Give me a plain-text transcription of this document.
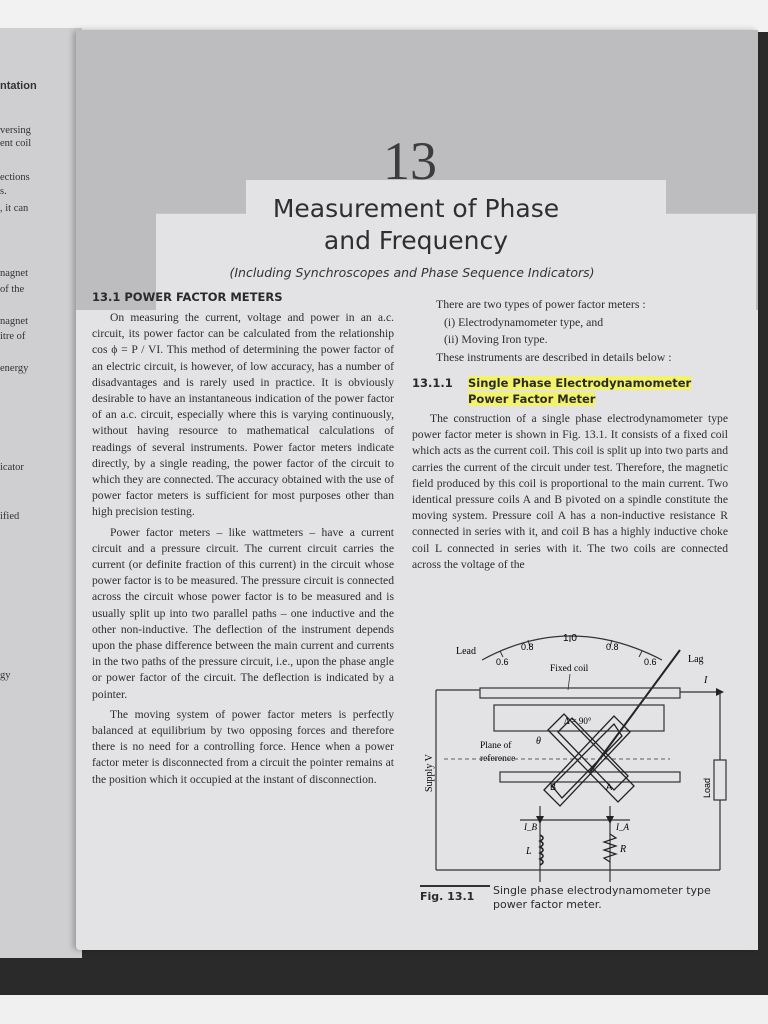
ntation
versing
ent coil
ections
s.
, it can
nagnet
of the
nagnet
itre of
energy
icator
ified
gy
13
Measurement of Phase
and Frequency
(Including Synchroscopes and Phase Sequence Indicators)
13.1 POWER FACTOR METERS

On measuring the current, voltage and power in an a.c. circuit, its power factor can be calculated from the relationship cos ϕ = P / VI. This method of determining the power factor of an electric circuit, is however, of low accuracy, has a number of disadvantages and is rarely used in practice. It is obviously desirable to have an instantaneous indication of the power factor of an a.c. circuit, especially where this is varying continuously, without having resource to mathematical calculations of readings of several instruments. Power factor meters indicate directly, by a single reading, the power factor of the circuit to which they are connected. The accuracy obtained with the use of power factor meters is sufficient for most purposes other than high precision testing.

Power factor meters – like wattmeters – have a current circuit and a pressure circuit. The current circuit carries the current (or definite fraction of this current) in the circuit whose power factor is to be measured. The pressure circuit is connected across the circuit whose power factor is to be measured and is usually split up into two parallel paths – one inductive and the other non-inductive. The deflection of the instrument depends upon the phase difference between the main current and currents in the two paths of the pressure circuit, i.e., upon the phase angle or power factor of the circuit. The deflection is indicated by a pointer.

The moving system of power factor meters is perfectly balanced at equilibrium by two opposing forces and therefore there is no need for a controlling force. Hence when a power factor meter is disconnected from a circuit the pointer remains at the position which it occupied at the instant of disconnection.

There are two types of power factor meters :
(i) Electrodynamometer type, and
(ii) Moving Iron type.
These instruments are described in details below :
13.1.1 Single Phase Electrodynamometer
Power Factor Meter

The construction of a single phase electrodynamometer type power factor meter is shown in Fig. 13.1. It consists of a fixed coil which acts as the current coil. This coil is split up into two parts and carries the current of the circuit under test. Therefore, the magnetic field produced by this coil is proportional to the main current. Two identical pressure coils A and B pivoted on a spindle constitute the moving system. Pressure coil A has a non-inductive resistance R connected in series with it, and coil B has a highly inductive choke coil L connected in series with it. The two coils are connected across the voltage of the

(405)
0.6
0.8
1.0
0.8
0.6
Lead
Lag
Fixed coil
Δ = 90°
θ
Plane of
reference
B	A
I
Supply V	Load
I_B	I_A
L	R
Fig. 13.1 Single phase electrodynamometer type power factor meter.
